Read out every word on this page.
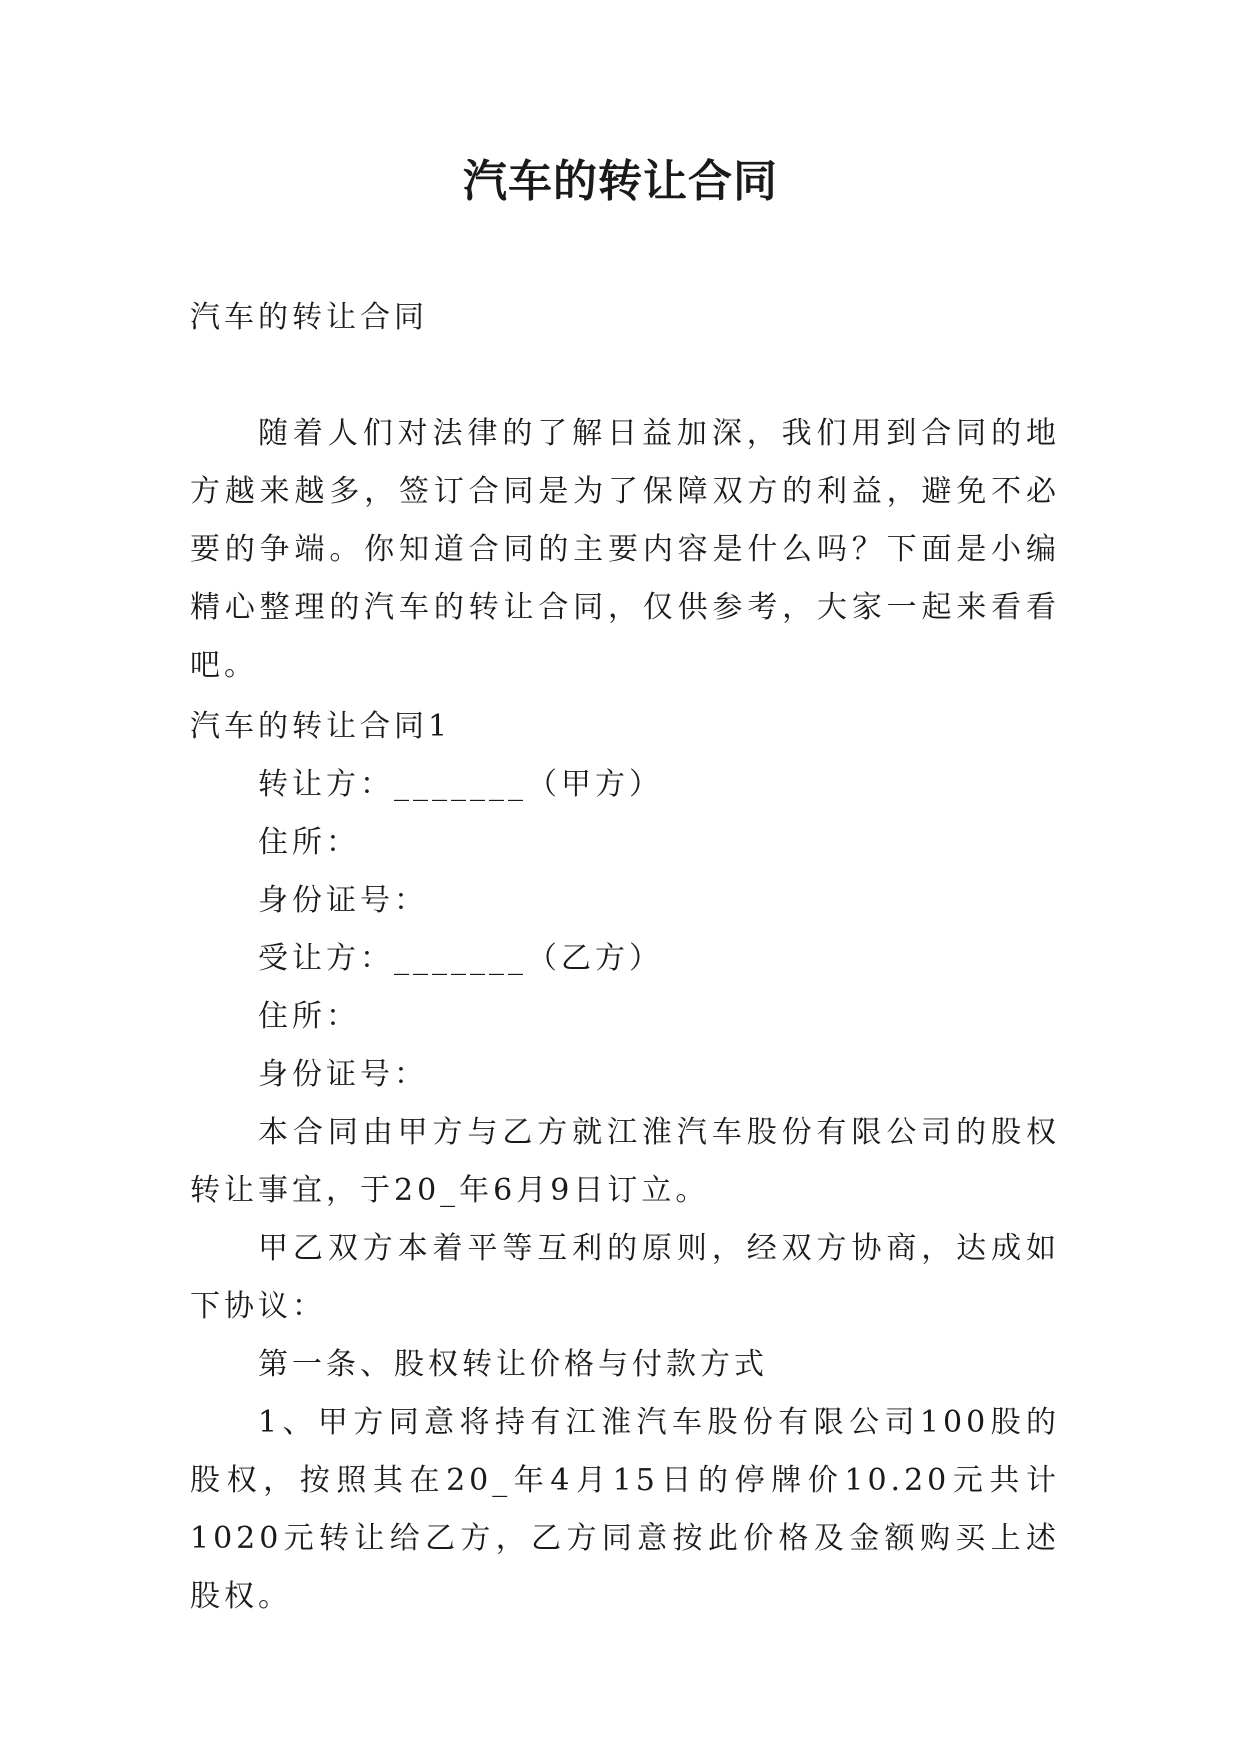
汽车的转让合同
汽车的转让合同
随着人们对法律的了解日益加深，我们用到合同的地方越来越多，签订合同是为了保障双方的利益，避免不必要的争端。你知道合同的主要内容是什么吗？下面是小编精心整理的汽车的转让合同，仅供参考，大家一起来看看吧。

汽车的转让合同1

转让方：_______（甲方）

住所：

身份证号：

受让方：_______（乙方）

住所：

身份证号：

本合同由甲方与乙方就江淮汽车股份有限公司的股权转让事宜，于20_年6月9日订立。

甲乙双方本着平等互利的原则，经双方协商，达成如下协议：

第一条、股权转让价格与付款方式

1、甲方同意将持有江淮汽车股份有限公司100股的股权，按照其在20_年4月15日的停牌价10.20元共计1020元转让给乙方，乙方同意按此价格及金额购买上述股权。
